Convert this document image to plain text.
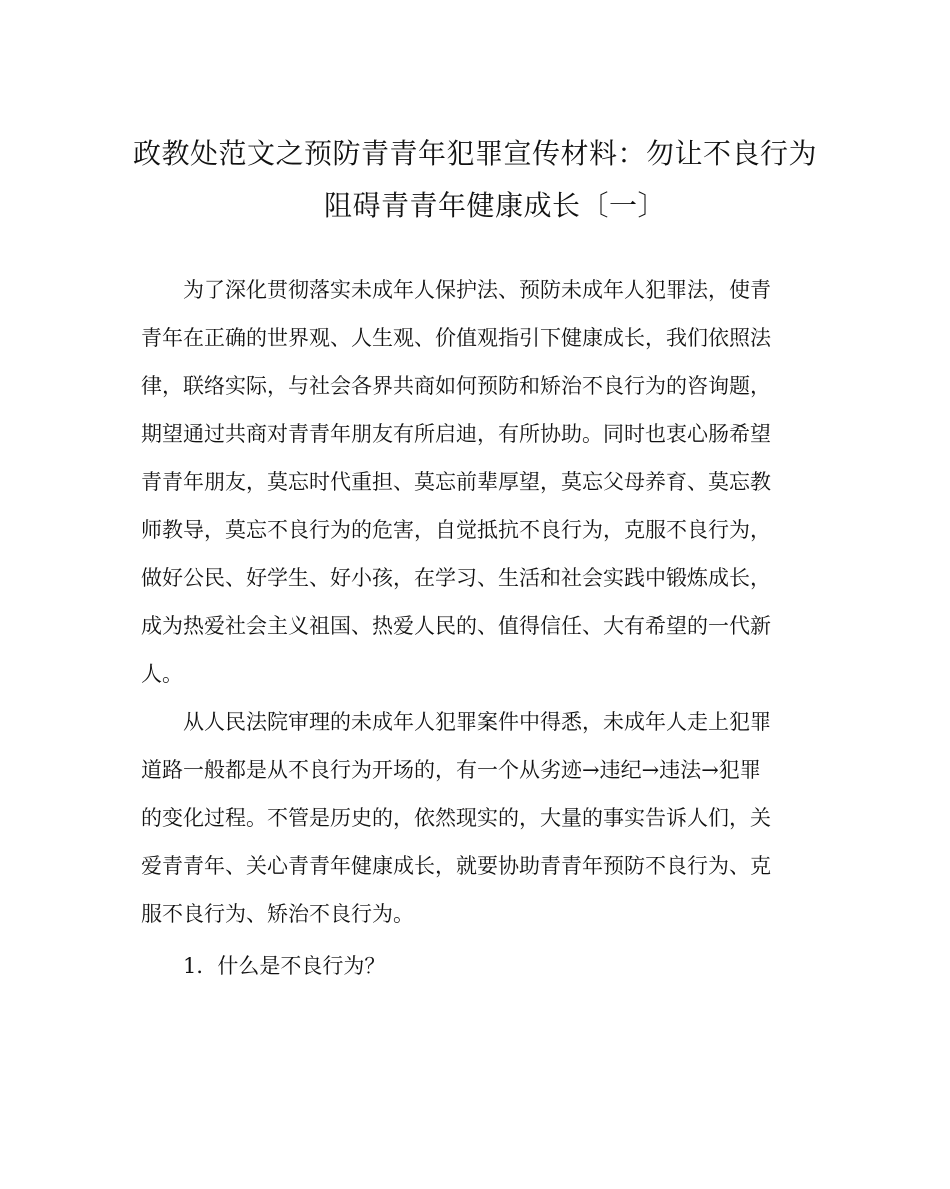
政教处范文之预防青青年犯罪宣传材料：勿让不良行为
阻碍青青年健康成长〔一〕
为了深化贯彻落实未成年人保护法、预防未成年人犯罪法，使青
青年在正确的世界观、人生观、价值观指引下健康成长，我们依照法
律，联络实际，与社会各界共商如何预防和矫治不良行为的咨询题，
期望通过共商对青青年朋友有所启迪，有所协助。同时也衷心肠希望
青青年朋友，莫忘时代重担、莫忘前辈厚望，莫忘父母养育、莫忘教
师教导，莫忘不良行为的危害，自觉抵抗不良行为，克服不良行为，
做好公民、好学生、好小孩，在学习、生活和社会实践中锻炼成长，
成为热爱社会主义祖国、热爱人民的、值得信任、大有希望的一代新
人。
从人民法院审理的未成年人犯罪案件中得悉，未成年人走上犯罪
道路一般都是从不良行为开场的，有一个从劣迹→违纪→违法→犯罪
的变化过程。不管是历史的，依然现实的，大量的事实告诉人们，关
爱青青年、关心青青年健康成长，就要协助青青年预防不良行为、克
服不良行为、矫治不良行为。
1．什么是不良行为？
